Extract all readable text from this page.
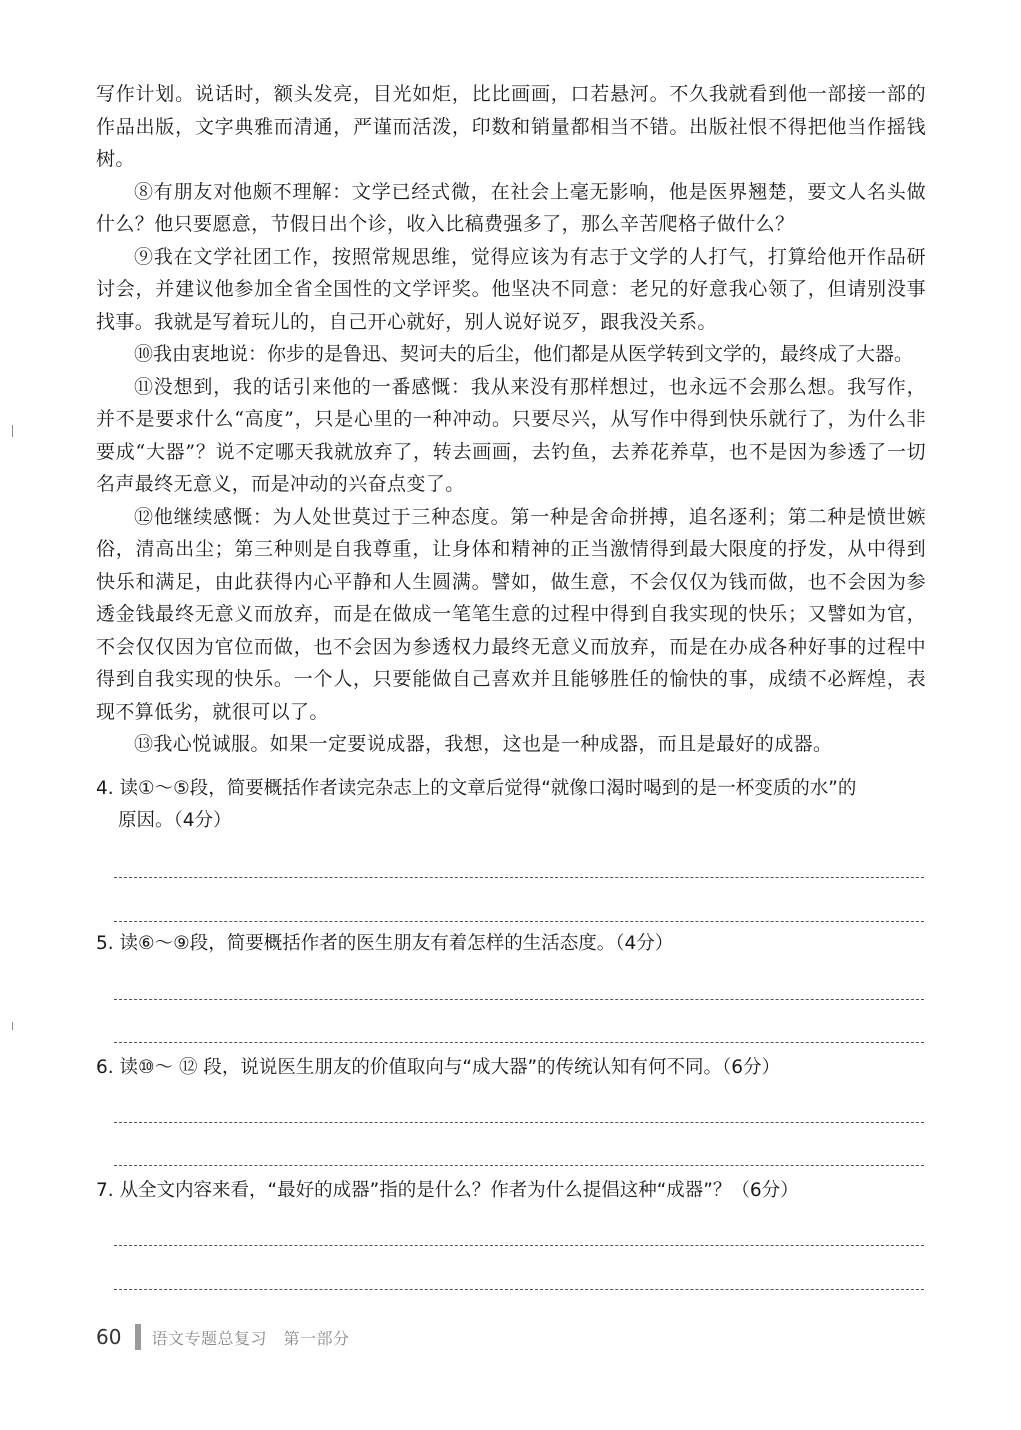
写作计划。说话时，额头发亮，目光如炬，比比画画，口若悬河。不久我就看到他一部接一部的作品出版，文字典雅而清通，严谨而活泼，印数和销量都相当不错。出版社恨不得把他当作摇钱树。

⑧有朋友对他颇不理解：文学已经式微，在社会上毫无影响，他是医界翘楚，要文人名头做什么？他只要愿意，节假日出个诊，收入比稿费强多了，那么辛苦爬格子做什么？

⑨我在文学社团工作，按照常规思维，觉得应该为有志于文学的人打气，打算给他开作品研讨会，并建议他参加全省全国性的文学评奖。他坚决不同意：老兄的好意我心领了，但请别没事找事。我就是写着玩儿的，自己开心就好，别人说好说歹，跟我没关系。

⑩我由衷地说：你步的是鲁迅、契诃夫的后尘，他们都是从医学转到文学的，最终成了大器。

⑪没想到，我的话引来他的一番感慨：我从来没有那样想过，也永远不会那么想。我写作，并不是要求什么“高度”，只是心里的一种冲动。只要尽兴，从写作中得到快乐就行了，为什么非要成“大器”？说不定哪天我就放弃了，转去画画，去钓鱼，去养花养草，也不是因为参透了一切名声最终无意义，而是冲动的兴奋点变了。

⑫他继续感慨：为人处世莫过于三种态度。第一种是舍命拼搏，追名逐利；第二种是愤世嫉俗，清高出尘；第三种则是自我尊重，让身体和精神的正当激情得到最大限度的抒发，从中得到快乐和满足，由此获得内心平静和人生圆满。譬如，做生意，不会仅仅为钱而做，也不会因为参透金钱最终无意义而放弃，而是在做成一笔笔生意的过程中得到自我实现的快乐；又譬如为官，不会仅仅因为官位而做，也不会因为参透权力最终无意义而放弃，而是在办成各种好事的过程中得到自我实现的快乐。一个人，只要能做自己喜欢并且能够胜任的愉快的事，成绩不必辉煌，表现不算低劣，就很可以了。

⑬我心悦诚服。如果一定要说成器，我想，这也是一种成器，而且是最好的成器。

4. 读①～⑤段，简要概括作者读完杂志上的文章后觉得“就像口渴时喝到的是一杯变质的水”的
原因。（4分）

5. 读⑥～⑨段，简要概括作者的医生朋友有着怎样的生活态度。（4分）

6. 读⑩～ ⑫ 段，说说医生朋友的价值取向与“成大器”的传统认知有何不同。（6分）

7. 从全文内容来看，“最好的成器”指的是什么？作者为什么提倡这种“成器”？（6分）

60 语文专题总复习　第一部分
